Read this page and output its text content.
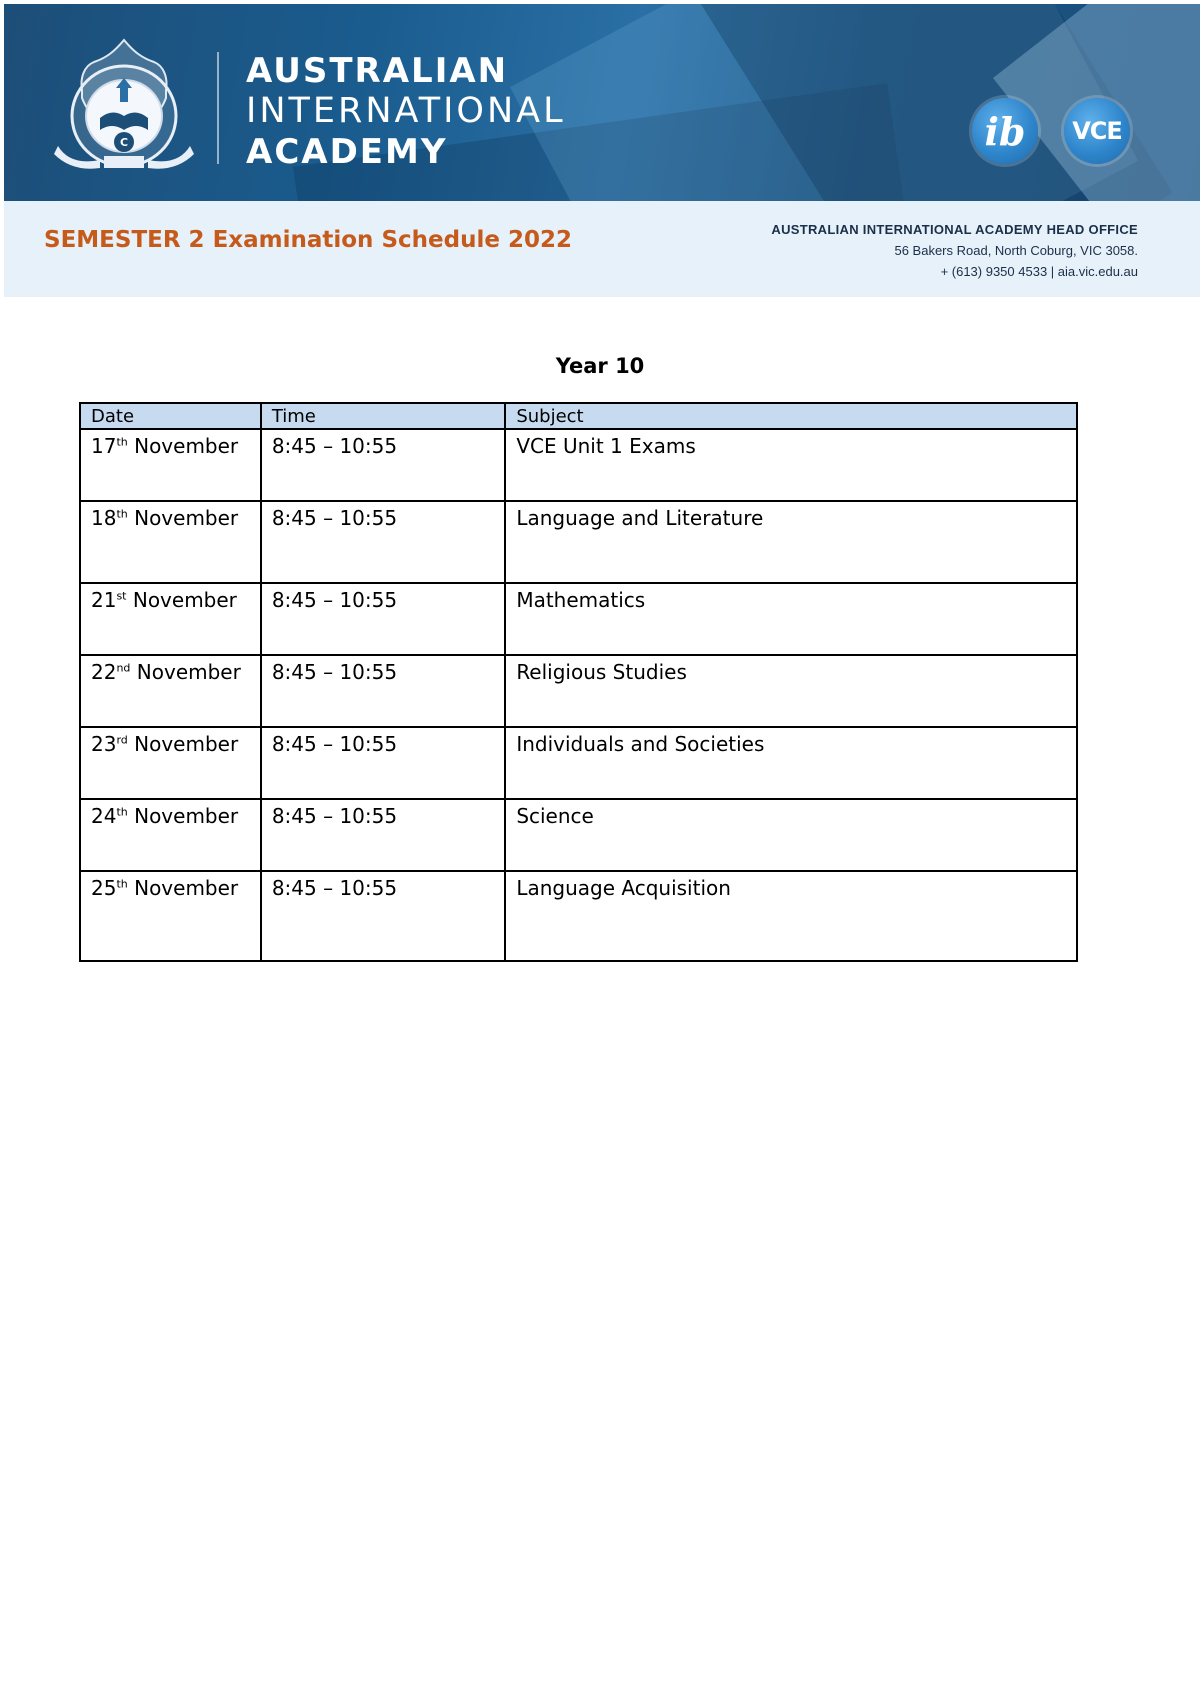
C
AUSTRALIAN
INTERNATIONAL
ACADEMY	ib VCE
SEMESTER 2 Examination Schedule 2022	AUSTRALIAN INTERNATIONAL ACADEMY HEAD OFFICE
56 Bakers Road, North Coburg, VIC 3058.
+ (613) 9350 4533 | aia.vic.edu.au
Year 10
Date	Time	Subject
17th November	8:45 – 10:55	VCE Unit 1 Exams
18th November	8:45 – 10:55	Language and Literature
21st November	8:45 – 10:55	Mathematics
22nd November	8:45 – 10:55	Religious Studies
23rd November	8:45 – 10:55	Individuals and Societies
24th November	8:45 – 10:55	Science
25th November	8:45 – 10:55	Language Acquisition
